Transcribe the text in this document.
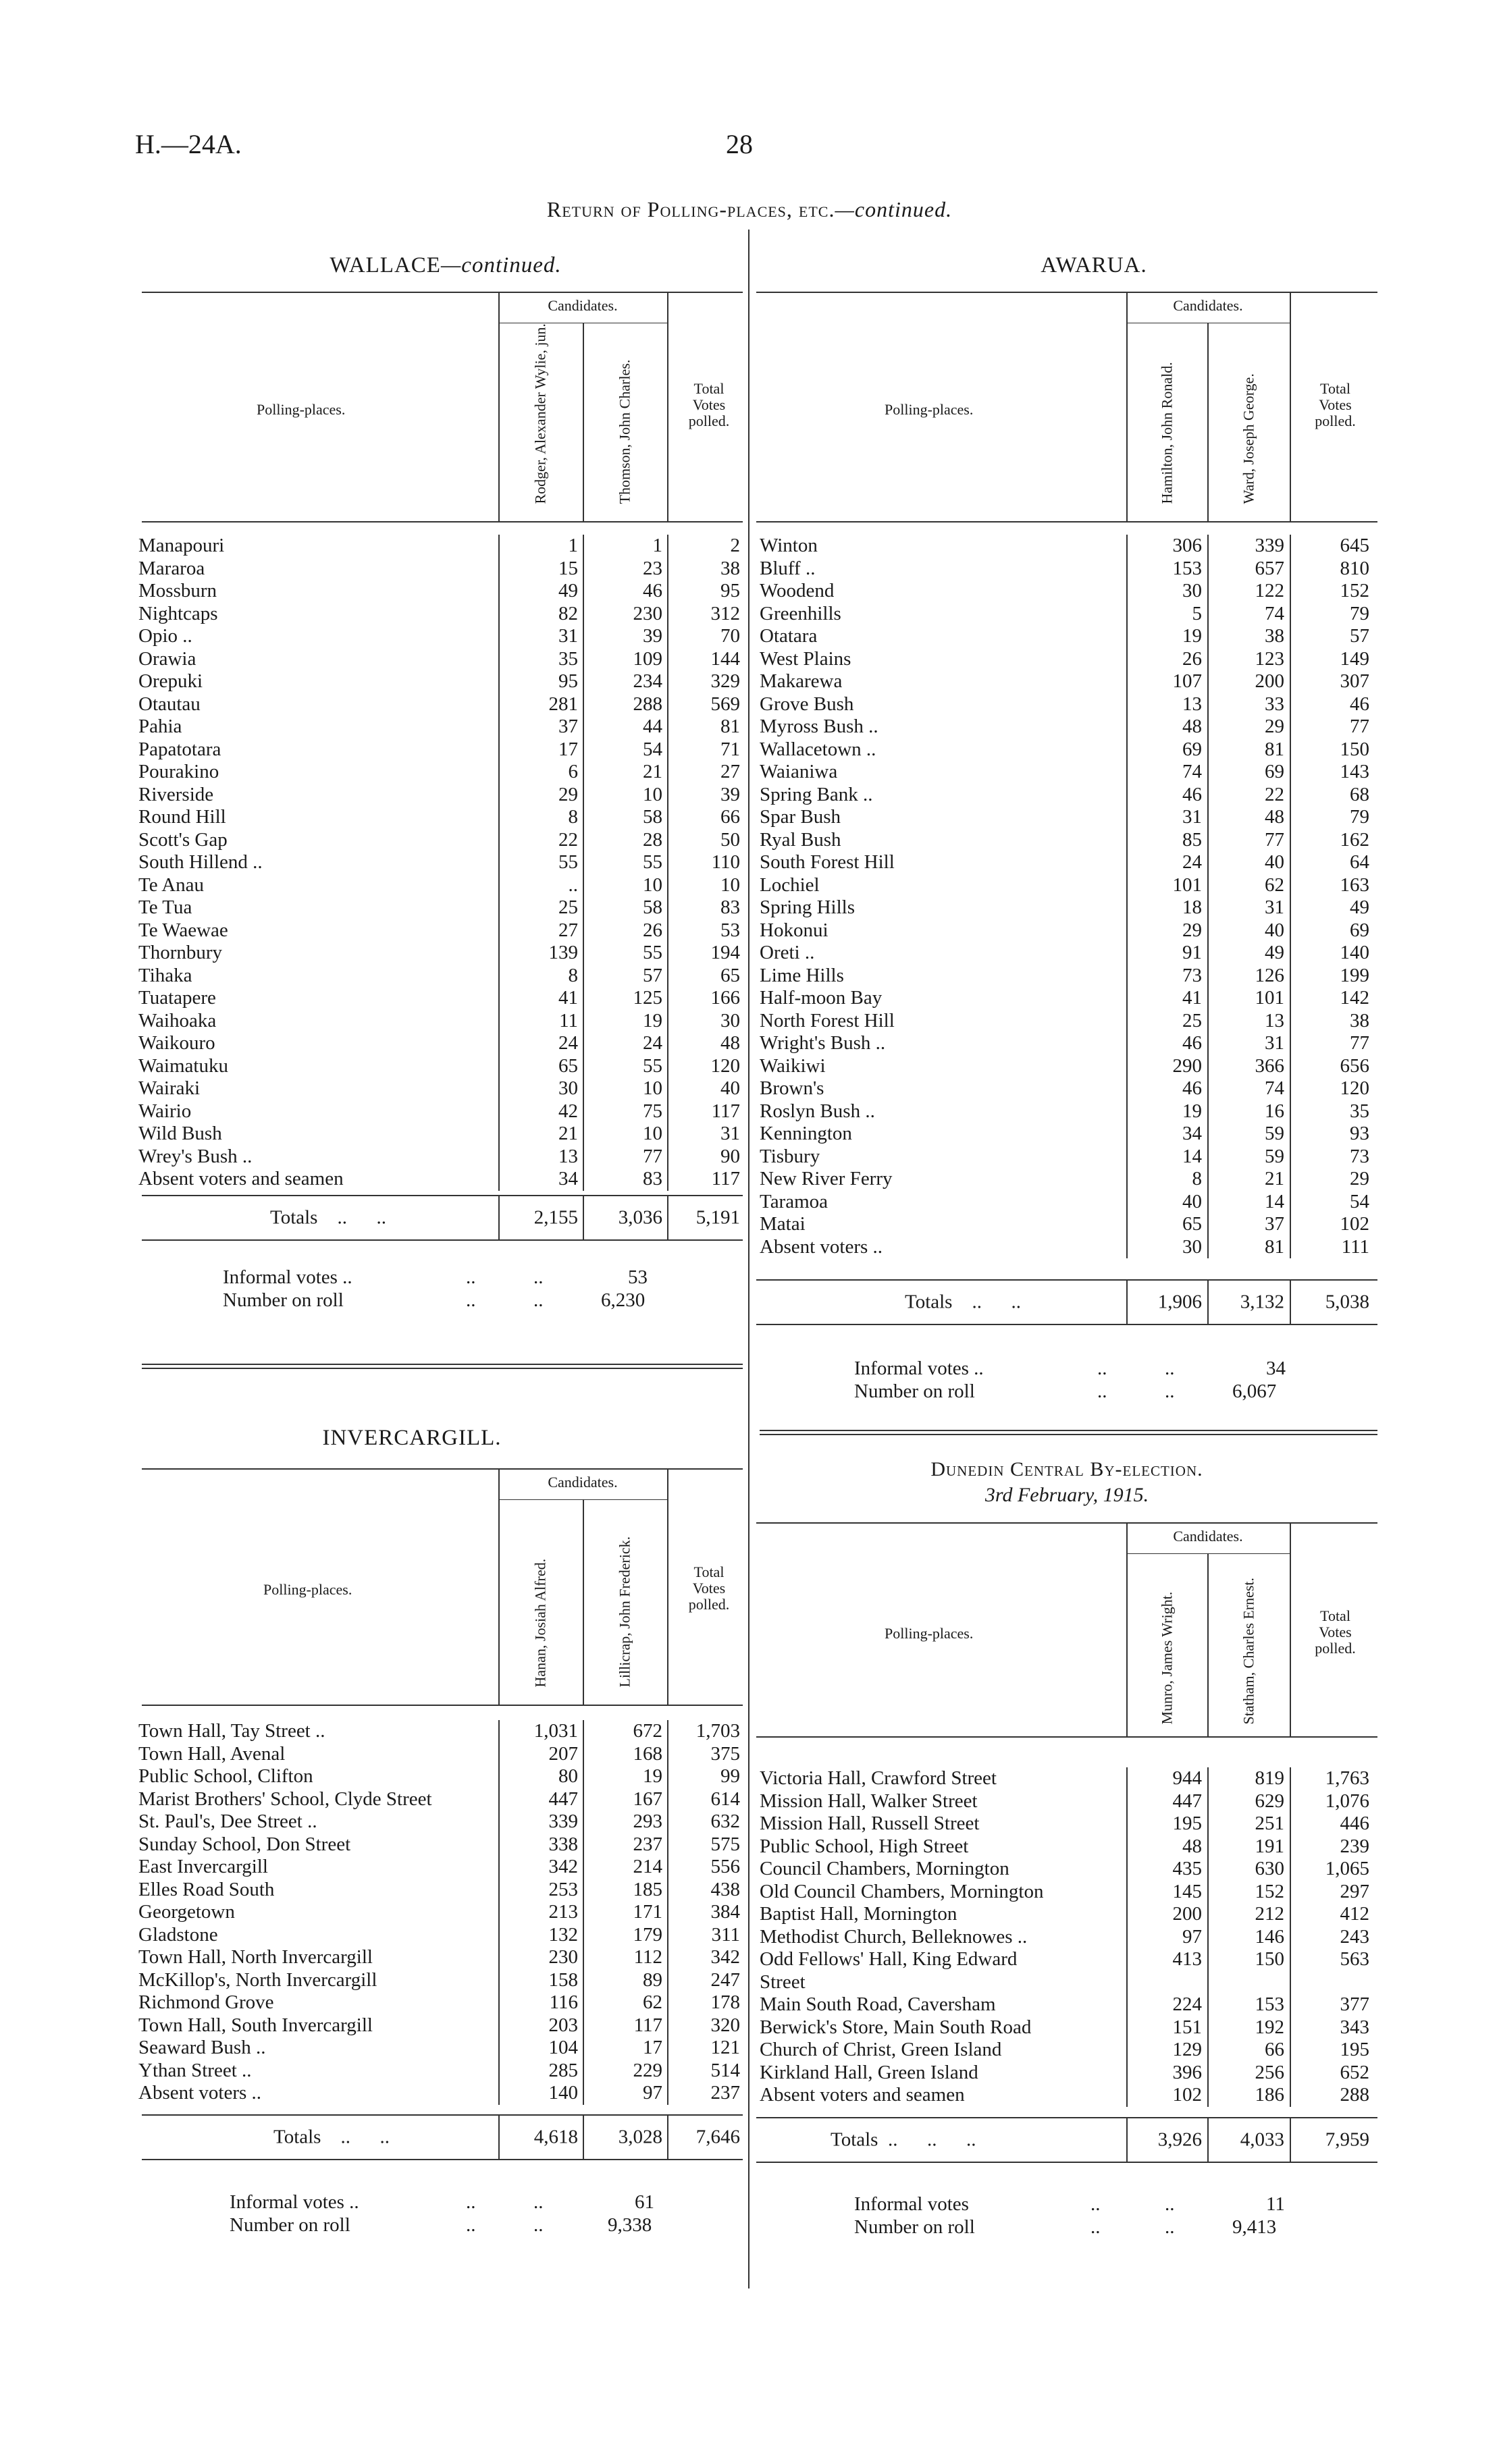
H.—24A.	28
Return of Polling-places, etc.—continued.
WALLACE—continued.
Candidates.
Polling-places.	Rodger, Alexander Wylie, jun.	Thomson, John Charles.	Total Votes polled.
Manapouri	1	1	2
Mararoa	15	23	38
Mossburn	49	46	95
Nightcaps	82	230	312
Opio ..	31	39	70
Orawia	35	109	144
Orepuki	95	234	329
Otautau	281	288	569
Pahia	37	44	81
Papatotara	17	54	71
Pourakino	6	21	27
Riverside	29	10	39
Round Hill	8	58	66
Scott's Gap	22	28	50
South Hillend ..	55	55	110
Te Anau	..	10	10
Te Tua	25	58	83
Te Waewae	27	26	53
Thornbury	139	55	194
Tihaka	8	57	65
Tuatapere	41	125	166
Waihoaka	11	19	30
Waikouro	24	24	48
Waimatuku	65	55	120
Wairaki	30	10	40
Wairio	42	75	117
Wild Bush	21	10	31
Wrey's Bush ..	13	77	90
Absent voters and seamen	34	83	117
Totals    ..      ..	2,155	3,036	5,191
Informal votes ..	..	..	53
Number on roll	..	..	6,230
AWARUA.
Candidates.
Polling-places.	Hamilton, John Ronald.	Ward, Joseph George.	Total Votes polled.
Winton	306	339	645
Bluff ..	153	657	810
Woodend	30	122	152
Greenhills	5	74	79
Otatara	19	38	57
West Plains	26	123	149
Makarewa	107	200	307
Grove Bush	13	33	46
Myross Bush ..	48	29	77
Wallacetown ..	69	81	150
Waianiwa	74	69	143
Spring Bank ..	46	22	68
Spar Bush	31	48	79
Ryal Bush	85	77	162
South Forest Hill	24	40	64
Lochiel	101	62	163
Spring Hills	18	31	49
Hokonui	29	40	69
Oreti ..	91	49	140
Lime Hills	73	126	199
Half-moon Bay	41	101	142
North Forest Hill	25	13	38
Wright's Bush ..	46	31	77
Waikiwi	290	366	656
Brown's	46	74	120
Roslyn Bush ..	19	16	35
Kennington	34	59	93
Tisbury	14	59	73
New River Ferry	8	21	29
Taramoa	40	14	54
Matai	65	37	102
Absent voters ..	30	81	111
Totals    ..      ..	1,906	3,132	5,038
Informal votes ..	..	..	34
Number on roll	..	..	6,067
INVERCARGILL.
Candidates.
Polling-places.	Hanan, Josiah Alfred.	Lillicrap, John Frederick.	Total Votes polled.
Town Hall, Tay Street ..	1,031	672	1,703
Town Hall, Avenal	207	168	375
Public School, Clifton	80	19	99
Marist Brothers' School, Clyde Street	447	167	614
St. Paul's, Dee Street ..	339	293	632
Sunday School, Don Street	338	237	575
East Invercargill	342	214	556
Elles Road South	253	185	438
Georgetown	213	171	384
Gladstone	132	179	311
Town Hall, North Invercargill	230	112	342
McKillop's, North Invercargill	158	89	247
Richmond Grove	116	62	178
Town Hall, South Invercargill	203	117	320
Seaward Bush ..	104	17	121
Ythan Street ..	285	229	514
Absent voters ..	140	97	237
Totals    ..      ..	4,618	3,028	7,646
Informal votes ..	..	..	61
Number on roll	..	..	9,338
Dunedin Central By-election.
3rd February, 1915.
Candidates.
Polling-places.	Munro, James Wright.	Statham, Charles Ernest.	Total Votes polled.
Victoria Hall, Crawford Street	944	819	1,763
Mission Hall, Walker Street	447	629	1,076
Mission Hall, Russell Street	195	251	446
Public School, High Street	48	191	239
Council Chambers, Mornington	435	630	1,065
Old Council Chambers, Mornington	145	152	297
Baptist Hall, Mornington	200	212	412
Methodist Church, Belleknowes ..	97	146	243
Odd Fellows' Hall, King Edward	413	150	563
Street
Main South Road, Caversham	224	153	377
Berwick's Store, Main South Road	151	192	343
Church of Christ, Green Island	129	66	195
Kirkland Hall, Green Island	396	256	652
Absent voters and seamen	102	186	288
Totals  ..      ..      ..	3,926	4,033	7,959
Informal votes	..	..	11
Number on roll	..	..	9,413
